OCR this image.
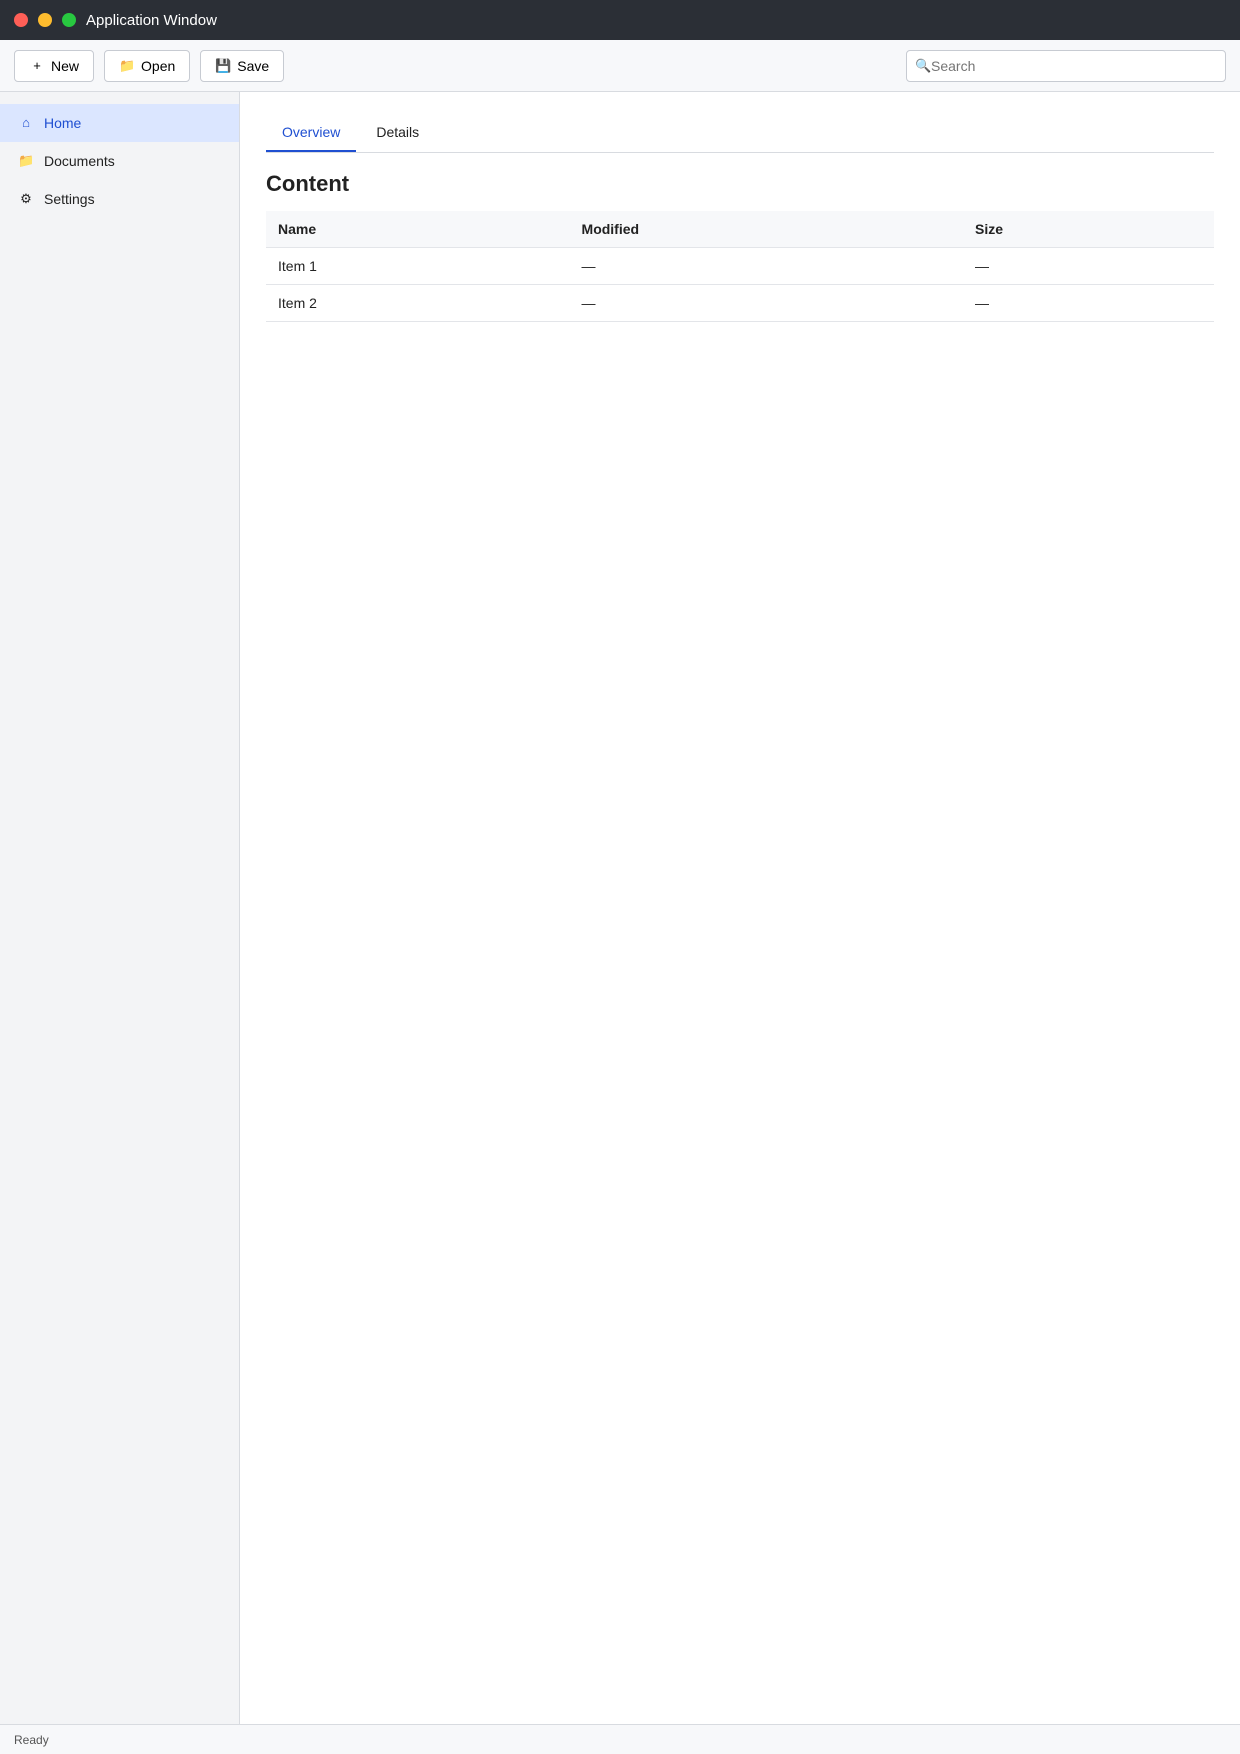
Application Window
+ New	📁 Open	💾 Save	🔍
Search
⌂ Home
📁 Documents
⚙ Settings
Overview	Details
Content
Name	Modified	Size
Item 1	—	—
Item 2	—	—
Ready
